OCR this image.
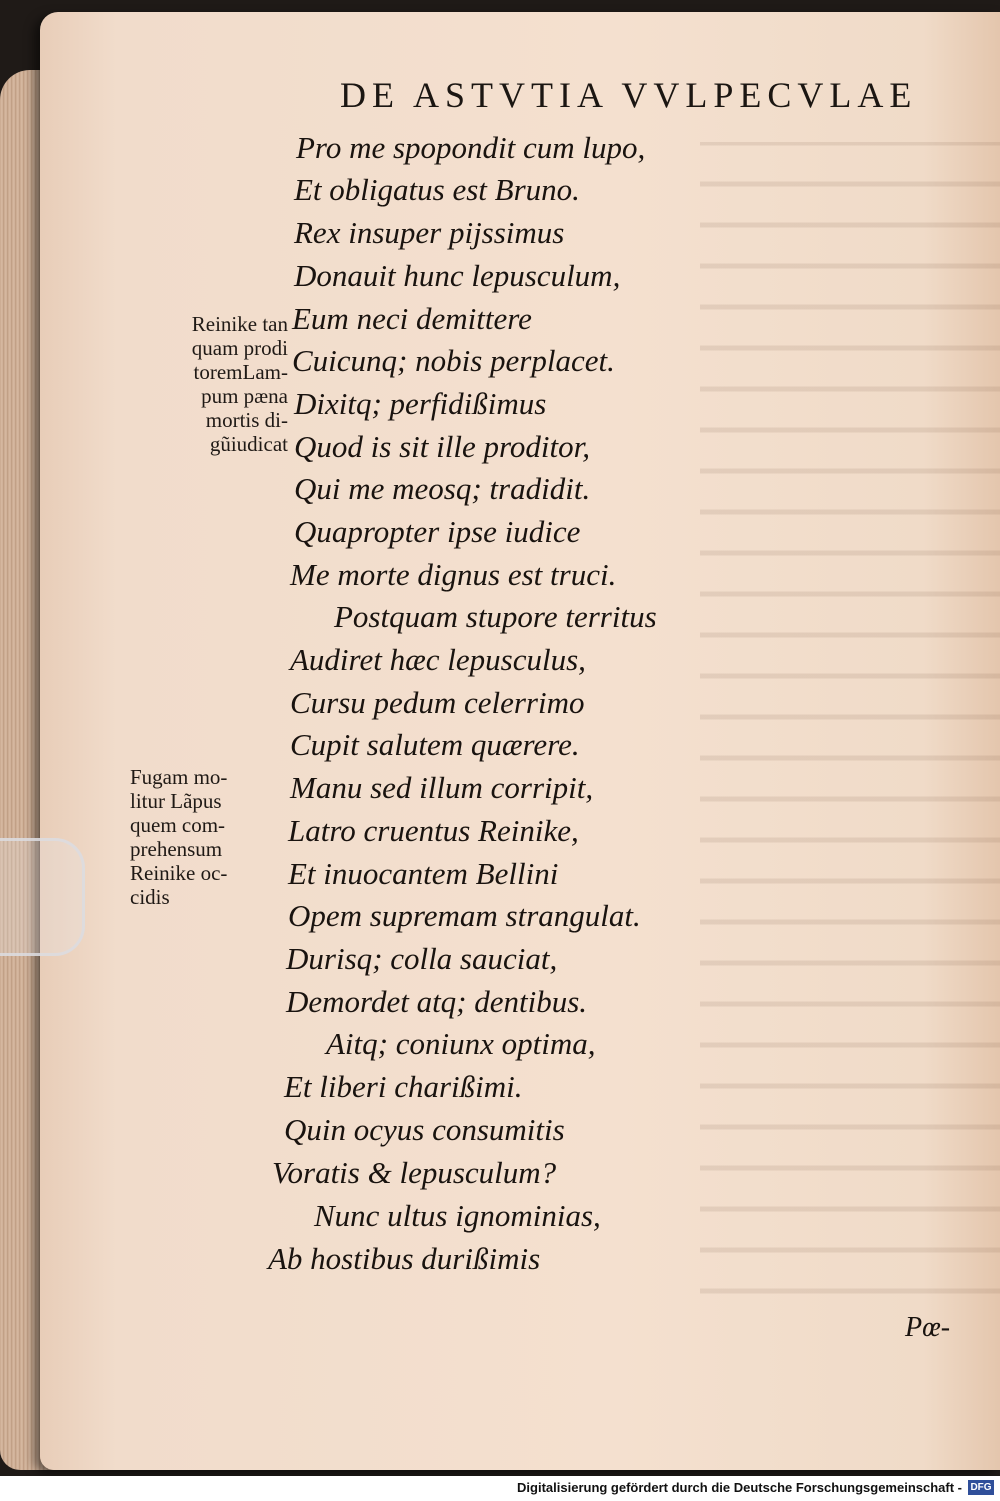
DE ASTVTIA VVLPECVLAE
Reinike tan
quam prodi
toremLam-
pum pæna
mortis di-
gũiudicat
Fugam mo-
litur Lãpus
quem com-
prehensum
Reinike oc-
cidis
Pro me spopondit cum lupo,
Et obligatus est Bruno.
Rex insuper pijssimus
Donauit hunc lepusculum,
Eum neci demittere
Cuicunq; nobis perplacet.
Dixitq; perfidißimus
Quod is sit ille proditor,
Qui me meosq; tradidit.
Quapropter ipse iudice
Me morte dignus est truci.
Postquam stupore territus
Audiret hæc lepusculus,
Cursu pedum celerrimo
Cupit salutem quærere.
Manu sed illum corripit,
Latro cruentus Reinike,
Et inuocantem Bellini
Opem supremam strangulat.
Durisq; colla sauciat,
Demordet atq; dentibus.
Aitq; coniunx optima,
Et liberi charißimi.
Quin ocyus consumitis
Voratis & lepusculum?
Nunc ultus ignominias,
Ab hostibus durißimis
Pœ-
Digitalisierung gefördert durch die Deutsche Forschungsgemeinschaft - DFG
